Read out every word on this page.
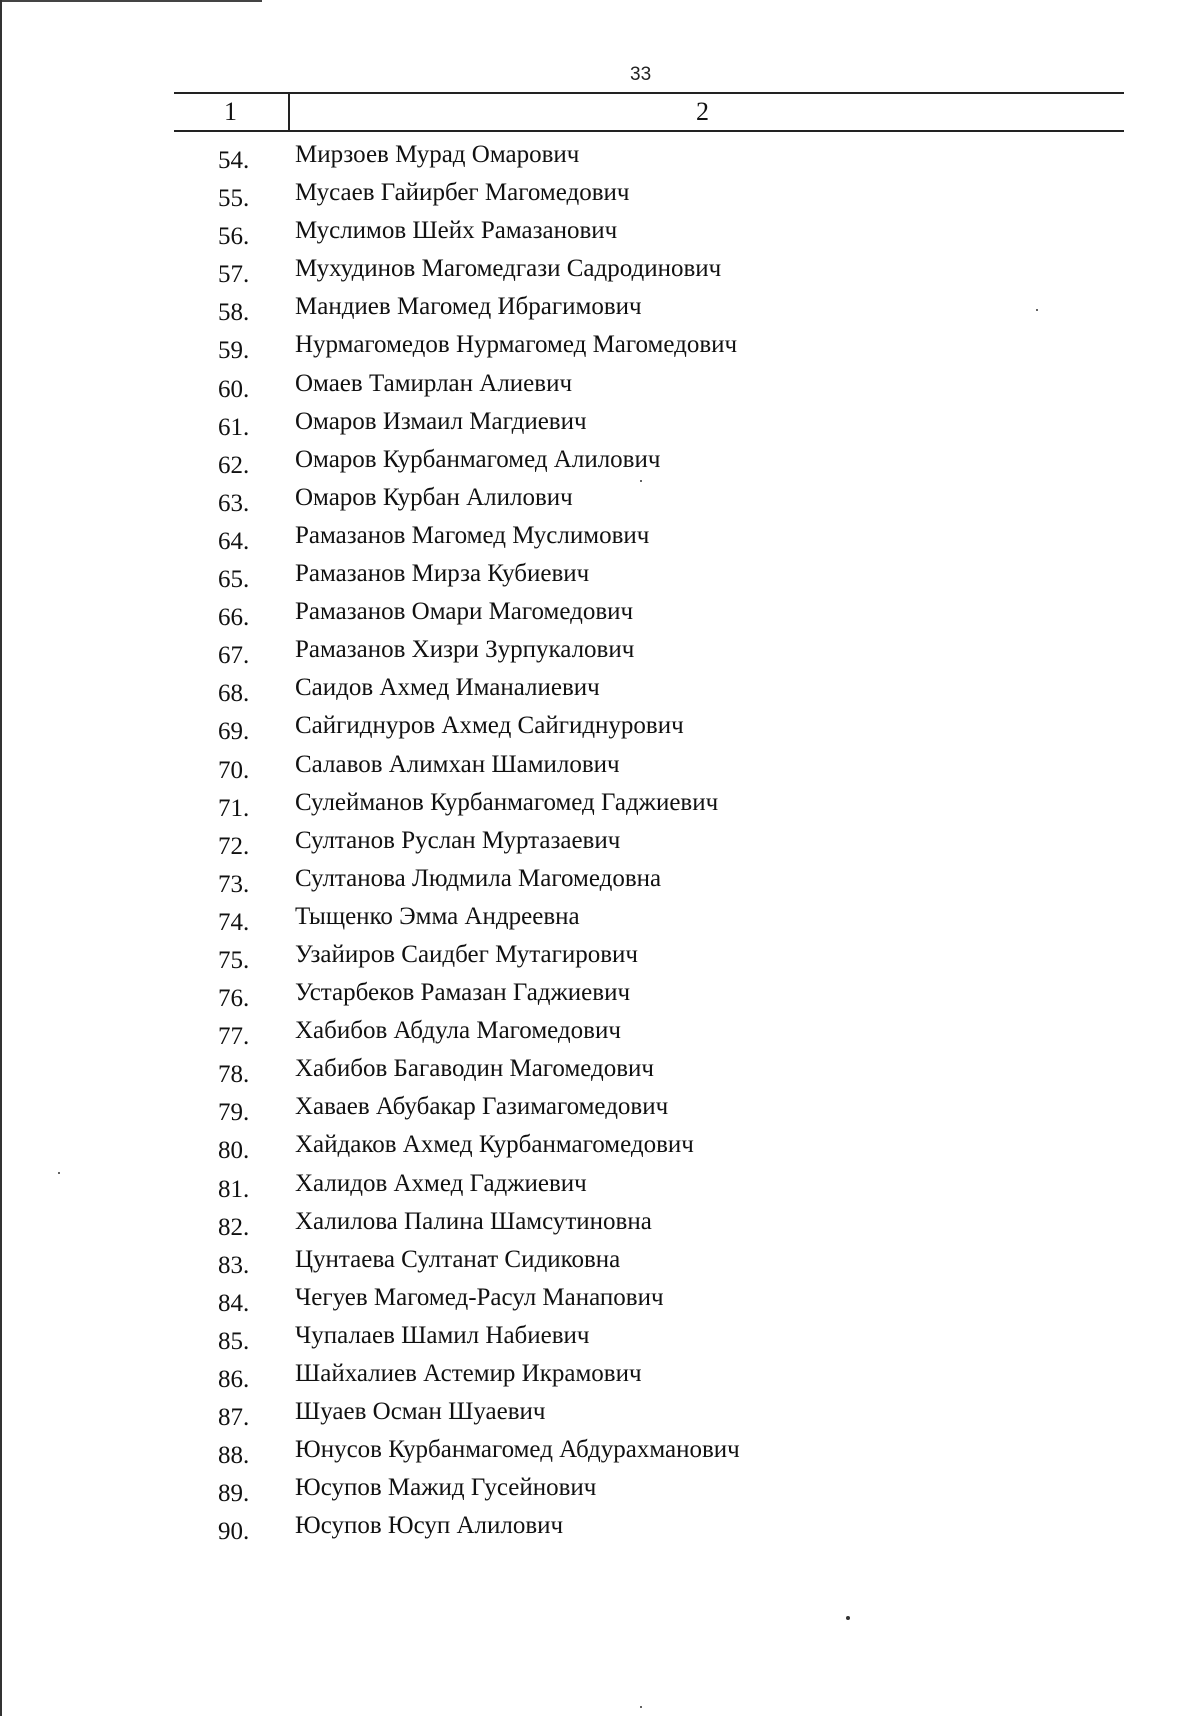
33
1	2
54. Мирзоев Мурад Омарович
55. Мусаев Гайирбег Магомедович
56. Муслимов Шейх Рамазанович
57. Мухудинов Магомедгази Садродинович
58. Мандиев Магомед Ибрагимович
59. Нурмагомедов Нурмагомед Магомедович
60. Омаев Тамирлан Алиевич
61. Омаров Измаил Магдиевич
62. Омаров Курбанмагомед Алилович
63. Омаров Курбан Алилович
64. Рамазанов Магомед Муслимович
65. Рамазанов Мирза Кубиевич
66. Рамазанов Омари Магомедович
67. Рамазанов Хизри Зурпукалович
68. Саидов Ахмед Иманалиевич
69. Сайгиднуров Ахмед Сайгиднурович
70. Салавов Алимхан Шамилович
71. Сулейманов Курбанмагомед Гаджиевич
72. Султанов Руслан Муртазаевич
73. Султанова Людмила Магомедовна
74. Тыщенко Эмма Андреевна
75. Узайиров Саидбег Мутагирович
76. Устарбеков Рамазан Гаджиевич
77. Хабибов Абдула Магомедович
78. Хабибов Багаводин Магомедович
79. Хаваев Абубакар Газимагомедович
80. Хайдаков Ахмед Курбанмагомедович
81. Халидов Ахмед Гаджиевич
82. Халилова Палина Шамсутиновна
83. Цунтаева Султанат Сидиковна
84. Чегуев Магомед-Расул Манапович
85. Чупалаев Шамил Набиевич
86. Шайхалиев Астемир Икрамович
87. Шуаев Осман Шуаевич
88. Юнусов Курбанмагомед Абдурахманович
89. Юсупов Мажид Гусейнович
90. Юсупов Юсуп Алилович
